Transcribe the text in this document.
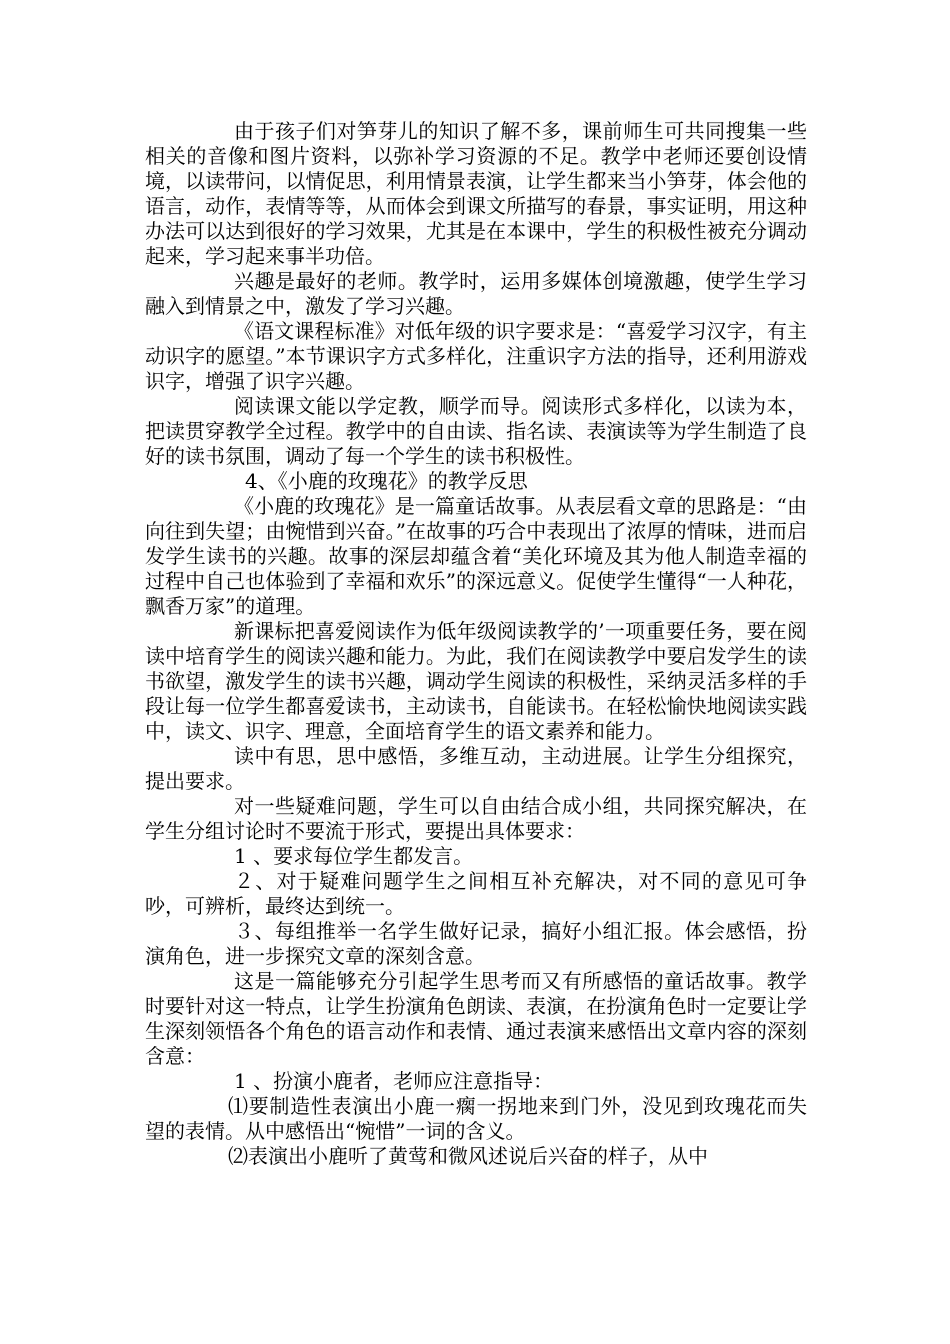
由于孩子们对笋芽儿的知识了解不多，课前师生可共同搜集一些相关的音像和图片资料，以弥补学习资源的不足。教学中老师还要创设情境，以读带问，以情促思，利用情景表演，让学生都来当小笋芽，体会他的语言，动作，表情等等，从而体会到课文所描写的春景，事实证明，用这种办法可以达到很好的学习效果，尤其是在本课中，学生的积极性被充分调动起来，学习起来事半功倍。

兴趣是最好的老师。教学时，运用多媒体创境激趣，使学生学习融入到情景之中，激发了学习兴趣。

《语文课程标准》对低年级的识字要求是：“喜爱学习汉字，有主动识字的愿望。”本节课识字方式多样化，注重识字方法的指导，还利用游戏识字，增强了识字兴趣。

阅读课文能以学定教，顺学而导。阅读形式多样化，以读为本，把读贯穿教学全过程。教学中的自由读、指名读、表演读等为学生制造了良好的读书氛围，调动了每一个学生的读书积极性。

4、《小鹿的玫瑰花》的教学反思

《小鹿的玫瑰花》是一篇童话故事。从表层看文章的思路是：“由向往到失望；由惋惜到兴奋。”在故事的巧合中表现出了浓厚的情味，进而启发学生读书的兴趣。故事的深层却蕴含着“美化环境及其为他人制造幸福的过程中自己也体验到了幸福和欢乐”的深远意义。促使学生懂得“一人种花，飘香万家”的道理。

新课标把喜爱阅读作为低年级阅读教学的’一项重要任务，要在阅读中培育学生的阅读兴趣和能力。为此，我们在阅读教学中要启发学生的读书欲望，激发学生的读书兴趣，调动学生阅读的积极性，采纳灵活多样的手段让每一位学生都喜爱读书，主动读书，自能读书。在轻松愉快地阅读实践中，读文、识字、理意，全面培育学生的语文素养和能力。

读中有思，思中感悟，多维互动，主动进展。让学生分组探究，提出要求。

对一些疑难问题，学生可以自由结合成小组，共同探究解决，在学生分组讨论时不要流于形式，要提出具体要求：

1 、要求每位学生都发言。

２、对于疑难问题学生之间相互补充解决，对不同的意见可争吵，可辨析，最终达到统一。

３、每组推举一名学生做好记录，搞好小组汇报。体会感悟，扮演角色，进一步探究文章的深刻含意。

这是一篇能够充分引起学生思考而又有所感悟的童话故事。教学时要针对这一特点，让学生扮演角色朗读、表演，在扮演角色时一定要让学生深刻领悟各个角色的语言动作和表情、通过表演来感悟出文章内容的深刻含意：

1 、扮演小鹿者，老师应注意指导：

⑴要制造性表演出小鹿一瘸一拐地来到门外，没见到玫瑰花而失望的表情。从中感悟出“惋惜”一词的含义。

⑵表演出小鹿听了黄莺和微风述说后兴奋的样子，从中
